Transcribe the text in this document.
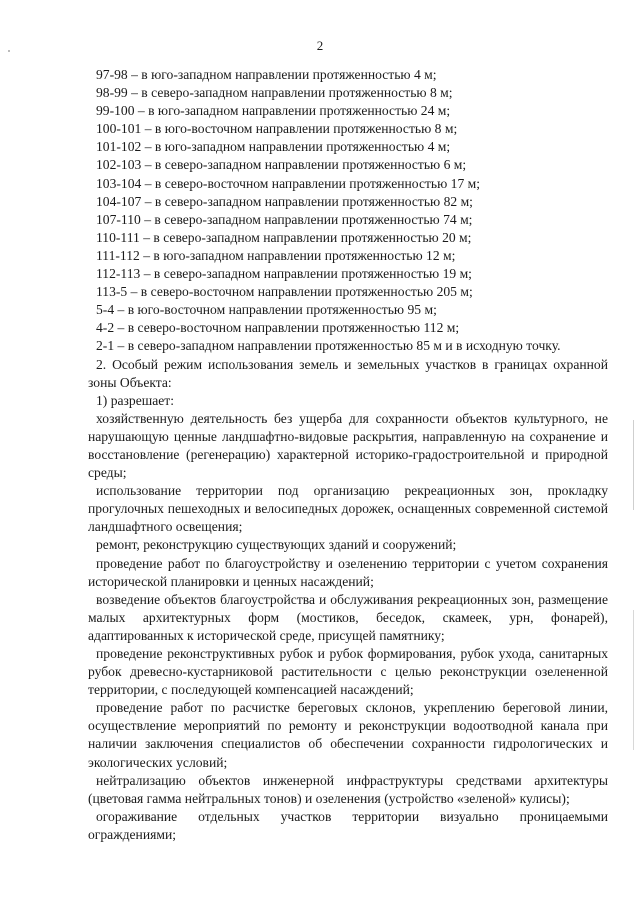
2

97-98 – в юго-западном направлении протяженностью 4 м;

98-99 – в северо-западном направлении протяженностью 8 м;

99-100 – в юго-западном направлении протяженностью 24 м;

100-101 – в юго-восточном направлении протяженностью 8 м;

101-102 – в юго-западном направлении протяженностью 4 м;

102-103 – в северо-западном направлении протяженностью 6 м;

103-104 – в северо-восточном направлении протяженностью 17 м;

104-107 – в северо-западном направлении протяженностью 82 м;

107-110 – в северо-западном направлении протяженностью 74 м;

110-111 – в северо-западном направлении протяженностью 20 м;

111-112 – в юго-западном направлении протяженностью 12 м;

112-113 – в северо-западном направлении протяженностью 19 м;

113-5 – в северо-восточном направлении протяженностью 205 м;

5-4 – в юго-восточном направлении протяженностью 95 м;

4-2 – в северо-восточном направлении протяженностью 112 м;

2-1 – в северо-западном направлении протяженностью 85 м и в исходную точку.

2. Особый режим использования земель и земельных участков в границах охранной зоны Объекта:

1) разрешает:

хозяйственную деятельность без ущерба для сохранности объектов культурного, не нарушающую ценные ландшафтно-видовые раскрытия, направленную на сохранение и восстановление (регенерацию) характерной историко-градостроительной и природной среды;

использование территории под организацию рекреационных зон, прокладку прогулочных пешеходных и велосипедных дорожек, оснащенных современной системой ландшафтного освещения;

ремонт, реконструкцию существующих зданий и сооружений;

проведение работ по благоустройству и озеленению территории с учетом сохранения исторической планировки и ценных насаждений;

возведение объектов благоустройства и обслуживания рекреационных зон, размещение малых архитектурных форм (мостиков, беседок, скамеек, урн, фонарей), адаптированных к исторической среде, присущей памятнику;

проведение реконструктивных рубок и рубок формирования, рубок ухода, санитарных рубок древесно-кустарниковой растительности с целью реконструкции озелененной территории, с последующей компенсацией насаждений;

проведение работ по расчистке береговых склонов, укреплению береговой линии, осуществление мероприятий по ремонту и реконструкции водоотводной канала при наличии заключения специалистов об обеспечении сохранности гидрологических и экологических условий;

нейтрализацию объектов инженерной инфраструктуры средствами архитектуры (цветовая гамма нейтральных тонов) и озеленения (устройство «зеленой» кулисы);

огораживание отдельных участков территории визуально проницаемыми ограждениями;
